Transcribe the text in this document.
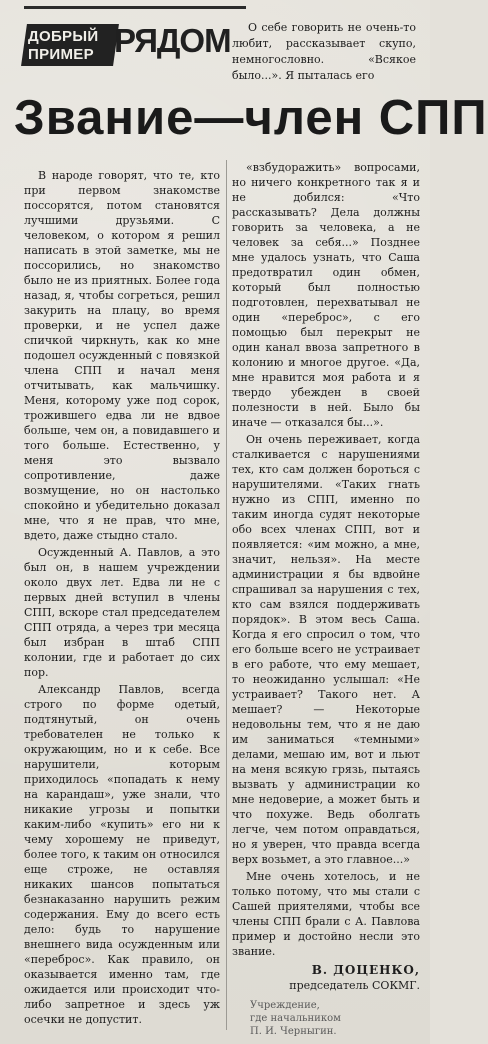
ДОБРЫЙ
ПРИМЕР РЯДОМ	О себе говорить не очень-то любит, рассказывает скупо, немногословно. «Всякое было...». Я пыталась его

Звание—член СПП

В народе говорят, что те, кто при первом знакомстве поссорятся, потом становятся лучшими друзьями. С человеком, о котором я решил написать в этой заметке, мы не поссорились, но знакомство было не из приятных. Более года назад, я, чтобы согреться, решил закурить на плацу, во время проверки, и не успел даже спичкой чиркнуть, как ко мне подошел осужденный с повязкой члена СПП и начал меня отчитывать, как мальчишку. Меня, которому уже под сорок, трожившего едва ли не вдвое больше, чем он, а повидавшего и того больше. Естественно, у меня это вызвало сопротивление, даже возмущение, но он настолько спокойно и убедительно доказал мне, что я не прав, что мне, вдето, даже стыдно стало.

Осужденный А. Павлов, а это был он, в нашем учреждении около двух лет. Едва ли не с первых дней вступил в члены СПП, вскоре стал председателем СПП отряда, а через три месяца был избран в штаб СПП колонии, где и работает до сих пор.

Александр Павлов, всегда строго по форме одетый, подтянутый, он очень требователен не только к окружающим, но и к себе. Все нарушители, которым приходилось «попадать к нему на карандаш», уже знали, что никакие угрозы и попытки каким-либо «купить» его ни к чему хорошему не приведут, более того, к таким он относился еще строже, не оставляя никаких шансов попытаться безнаказанно нарушить режим содержания. Ему до всего есть дело: будь то нарушение внешнего вида осужденным или «переброс». Как правило, он оказывается именно там, где ожидается или происходит что-либо запретное и здесь уж осечки не допустит.

«взбудоражить» вопросами, но ничего конкретного так я и не добился: «Что рассказывать? Дела должны говорить за человека, а не человек за себя...» Позднее мне удалось узнать, что Саша предотвратил один обмен, который был полностью подготовлен, перехватывал не один «переброс», с его помощью был перекрыт не один канал ввоза запретного в колонию и многое другое. «Да, мне нравится моя работа и я твердо убежден в своей полезности в ней. Было бы иначе — отказался бы...».

Он очень переживает, когда сталкивается с нарушениями тех, кто сам должен бороться с нарушителями. «Таких гнать нужно из СПП, именно по таким иногда судят некоторые обо всех членах СПП, вот и появляется: «им можно, а мне, значит, нельзя». На месте администрации я бы вдвойне спрашивал за нарушения с тех, кто сам взялся поддерживать порядок». В этом весь Саша. Когда я его спросил о том, что его больше всего не устраивает в его работе, что ему мешает, то неожиданно услышал: «Не устраивает? Такого нет. А мешает? — Некоторые недовольны тем, что я не даю им заниматься «темными» делами, мешаю им, вот и льют на меня всякую грязь, пытаясь вызвать у администрации ко мне недоверие, а может быть и что похуже. Ведь оболгать легче, чем потом оправдаться, но я уверен, что правда всегда верх возьмет, а это главное...»

Мне очень хотелось, и не только потому, что мы стали с Сашей приятелями, чтобы все члены СПП брали с А. Павлова пример и достойно несли это звание.

В. ДОЦЕНКО,
председатель СОКМГ.
Учреждение,
где начальником
П. И. Черныгин.
